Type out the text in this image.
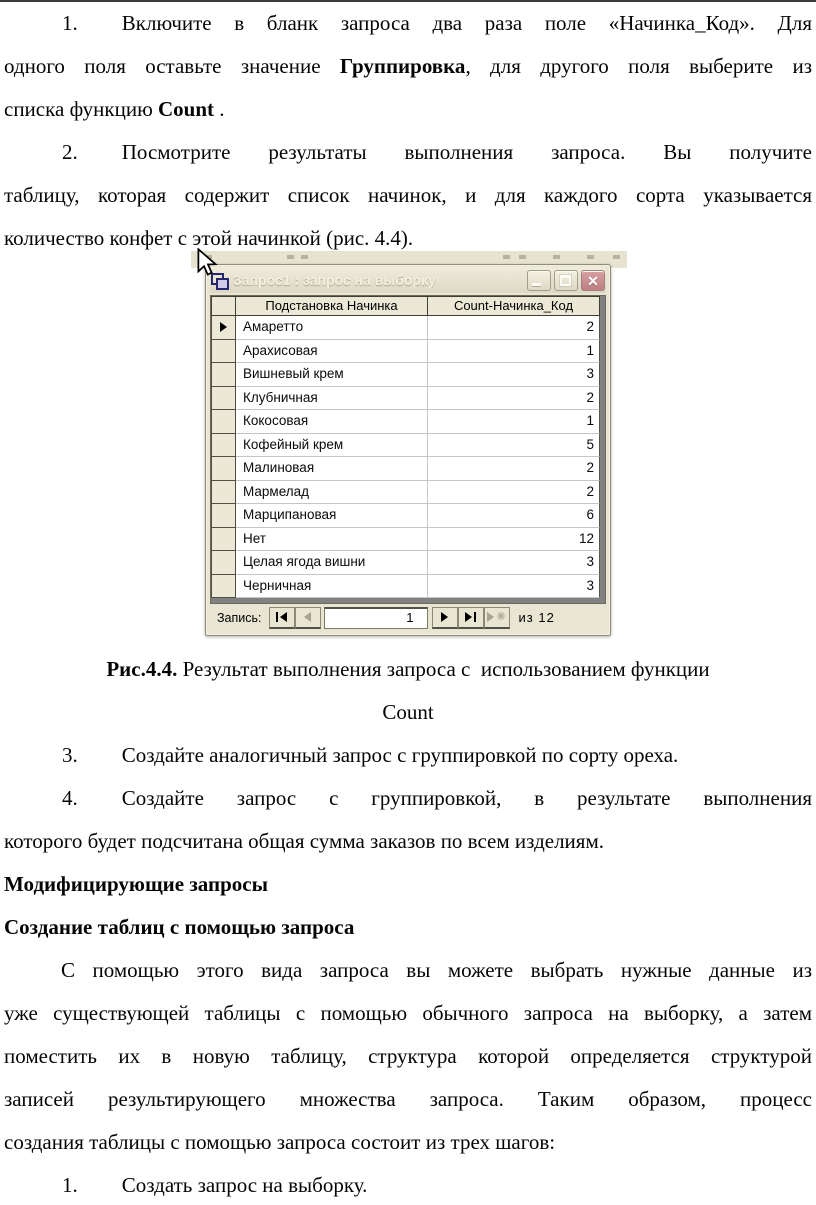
1. Включите в бланк запроса два раза поле «Начинка_Код». Для
одного поля оставьте значение Группировка, для другого поля выберите из
списка функцию Count .
2. Посмотрите результаты выполнения запроса. Вы получите
таблицу, которая содержит список начинок, и для каждого сорта указывается
количество конфет с этой начинкой (рис. 4.4).
Запрос1 : запрос на выборку	✕
Подстановка Начинка	Count-Начинка_Код
Амаретто	2
Арахисовая	1
Вишневый крем	3
Клубничная	2
Кокосовая	1
Кофейный крем	5
Малиновая	2
Мармелад	2
Марципановая	6
Нет	12
Целая ягода вишни	3
Черничная	3
Запись:	1	✳ из 12
Рис.4.4. Результат выполнения запроса с  использованием функции
Count
3. Создайте аналогичный запрос с группировкой по сорту ореха.
4. Создайте запрос с группировкой, в результате выполнения
которого будет подсчитана общая сумма заказов по всем изделиям.
Модифицирующие запросы
Создание таблиц с помощью запроса
С помощью этого вида запроса вы можете выбрать нужные данные из
уже существующей таблицы с помощью обычного запроса на выборку, а затем
поместить их в новую таблицу, структура которой определяется структурой
записей результирующего множества запроса. Таким образом, процесс
создания таблицы с помощью запроса состоит из трех шагов:
1. Создать запрос на выборку.
